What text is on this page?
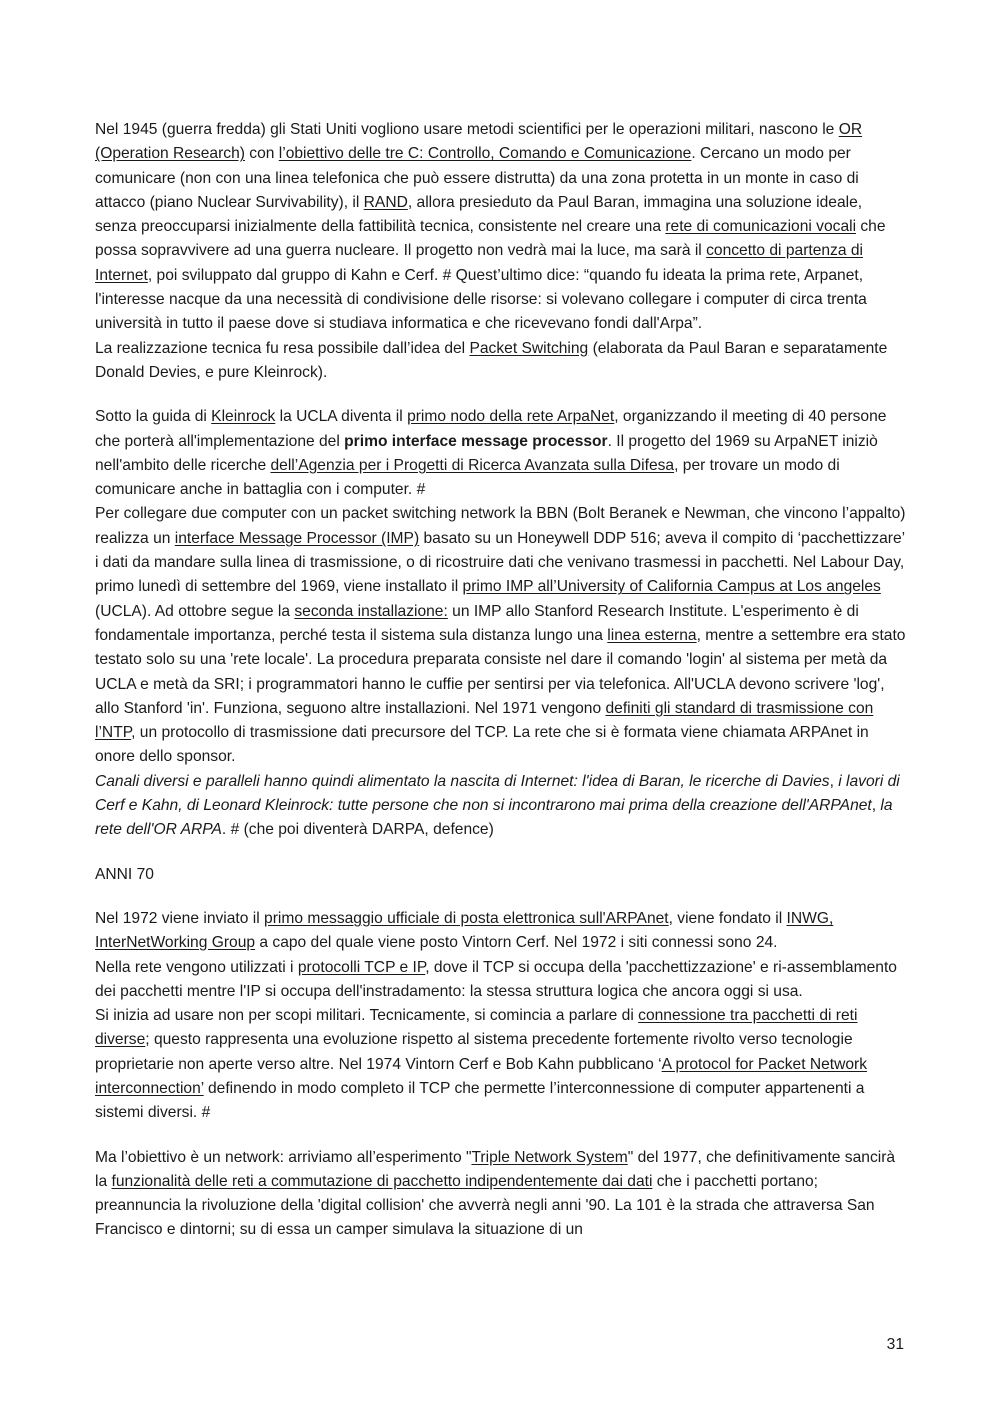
Nel 1945 (guerra fredda) gli Stati Uniti vogliono usare metodi scientifici per le operazioni militari, nascono le OR (Operation Research) con l’obiettivo delle tre C: Controllo, Comando e Comunicazione. Cercano un modo per comunicare (non con una linea telefonica che può essere distrutta) da una zona protetta in un monte in caso di attacco (piano Nuclear Survivability), il RAND, allora presieduto da Paul Baran, immagina una soluzione ideale, senza preoccuparsi inizialmente della fattibilità tecnica, consistente nel creare una rete di comunicazioni vocali che possa sopravvivere ad una guerra nucleare. Il progetto non vedrà mai la luce, ma sarà il concetto di partenza di Internet, poi sviluppato dal gruppo di Kahn e Cerf. # Quest’ultimo dice: “quando fu ideata la prima rete, Arpanet, l'interesse nacque da una necessità di condivisione delle risorse: si volevano collegare i computer di circa trenta università in tutto il paese dove si studiava informatica e che ricevevano fondi dall'Arpa”.

La realizzazione tecnica fu resa possibile dall’idea del Packet Switching (elaborata da Paul Baran e separatamente Donald Devies, e pure Kleinrock).

Sotto la guida di Kleinrock la UCLA diventa il primo nodo della rete ArpaNet, organizzando il meeting di 40 persone che porterà all'implementazione del primo interface message processor. Il progetto del 1969 su ArpaNET iniziò nell'ambito delle ricerche dell’Agenzia per i Progetti di Ricerca Avanzata sulla Difesa, per trovare un modo di comunicare anche in battaglia con i computer. #

Per collegare due computer con un packet switching network la BBN (Bolt Beranek e Newman, che vincono l’appalto) realizza un interface Message Processor (IMP) basato su un Honeywell DDP 516; aveva il compito di ‘pacchettizzare’ i dati da mandare sulla linea di trasmissione, o di ricostruire dati che venivano trasmessi in pacchetti. Nel Labour Day, primo lunedì di settembre del 1969, viene installato il primo IMP all’University of California Campus at Los angeles (UCLA). Ad ottobre segue la seconda installazione: un IMP allo Stanford Research Institute. L'esperimento è di fondamentale importanza, perché testa il sistema sula distanza lungo una linea esterna, mentre a settembre era stato testato solo su una 'rete locale'. La procedura preparata consiste nel dare il comando 'login' al sistema per metà da UCLA e metà da SRI; i programmatori hanno le cuffie per sentirsi per via telefonica. All'UCLA devono scrivere 'log', allo Stanford 'in'. Funziona, seguono altre installazioni. Nel 1971 vengono definiti gli standard di trasmissione con l’NTP, un protocollo di trasmissione dati precursore del TCP. La rete che si è formata viene chiamata ARPAnet in onore dello sponsor.

Canali diversi e paralleli hanno quindi alimentato la nascita di Internet: l'idea di Baran, le ricerche di Davies, i lavori di Cerf e Kahn, di Leonard Kleinrock: tutte persone che non si incontrarono mai prima della creazione dell'ARPAnet, la rete dell'OR ARPA. # (che poi diventerà DARPA, defence)

ANNI 70

Nel 1972 viene inviato il primo messaggio ufficiale di posta elettronica sull'ARPAnet, viene fondato il INWG, InterNetWorking Group a capo del quale viene posto Vintorn Cerf. Nel 1972 i siti connessi sono 24.

Nella rete vengono utilizzati i protocolli TCP e IP, dove il TCP si occupa della 'pacchettizzazione' e ri-assemblamento dei pacchetti mentre l'IP si occupa dell'instradamento: la stessa struttura logica che ancora oggi si usa.

Si inizia ad usare non per scopi militari. Tecnicamente, si comincia a parlare di connessione tra pacchetti di reti diverse; questo rappresenta una evoluzione rispetto al sistema precedente fortemente rivolto verso tecnologie proprietarie non aperte verso altre. Nel 1974 Vintorn Cerf e Bob Kahn pubblicano ‘A protocol for Packet Network interconnection’ definendo in modo completo il TCP che permette l’interconnessione di computer appartenenti a sistemi diversi. #

Ma l’obiettivo è un network: arriviamo all’esperimento "Triple Network System" del 1977, che definitivamente sancirà la funzionalità delle reti a commutazione di pacchetto indipendentemente dai dati che i pacchetti portano; preannuncia la rivoluzione della 'digital collision' che avverrà negli anni '90. La 101 è la strada che attraversa San Francisco e dintorni; su di essa un camper simulava la situazione di un

31
